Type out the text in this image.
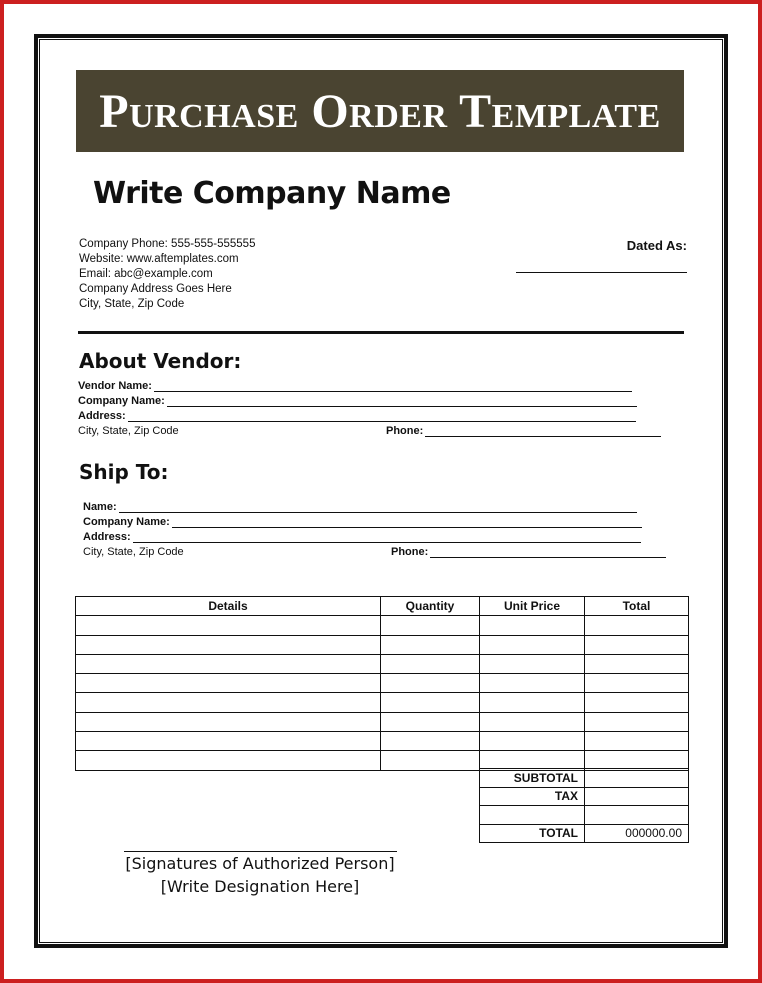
Purchase Order Template
Write Company Name
Company Phone: 555-555-555555
Website: www.aftemplates.com
Email: abc@example.com
Company Address Goes Here
City, State, Zip Code
Dated As:
About Vendor:
Vendor Name:
Company Name:
Address:
City, State, Zip Code	Phone:
Ship To:
Name:
Company Name:
Address:
City, State, Zip Code	Phone:
Details	Quantity	Unit Price	Total

SUBTOTAL	
TAX	

TOTAL	000000.00
[Signatures of Authorized Person]
[Write Designation Here]
